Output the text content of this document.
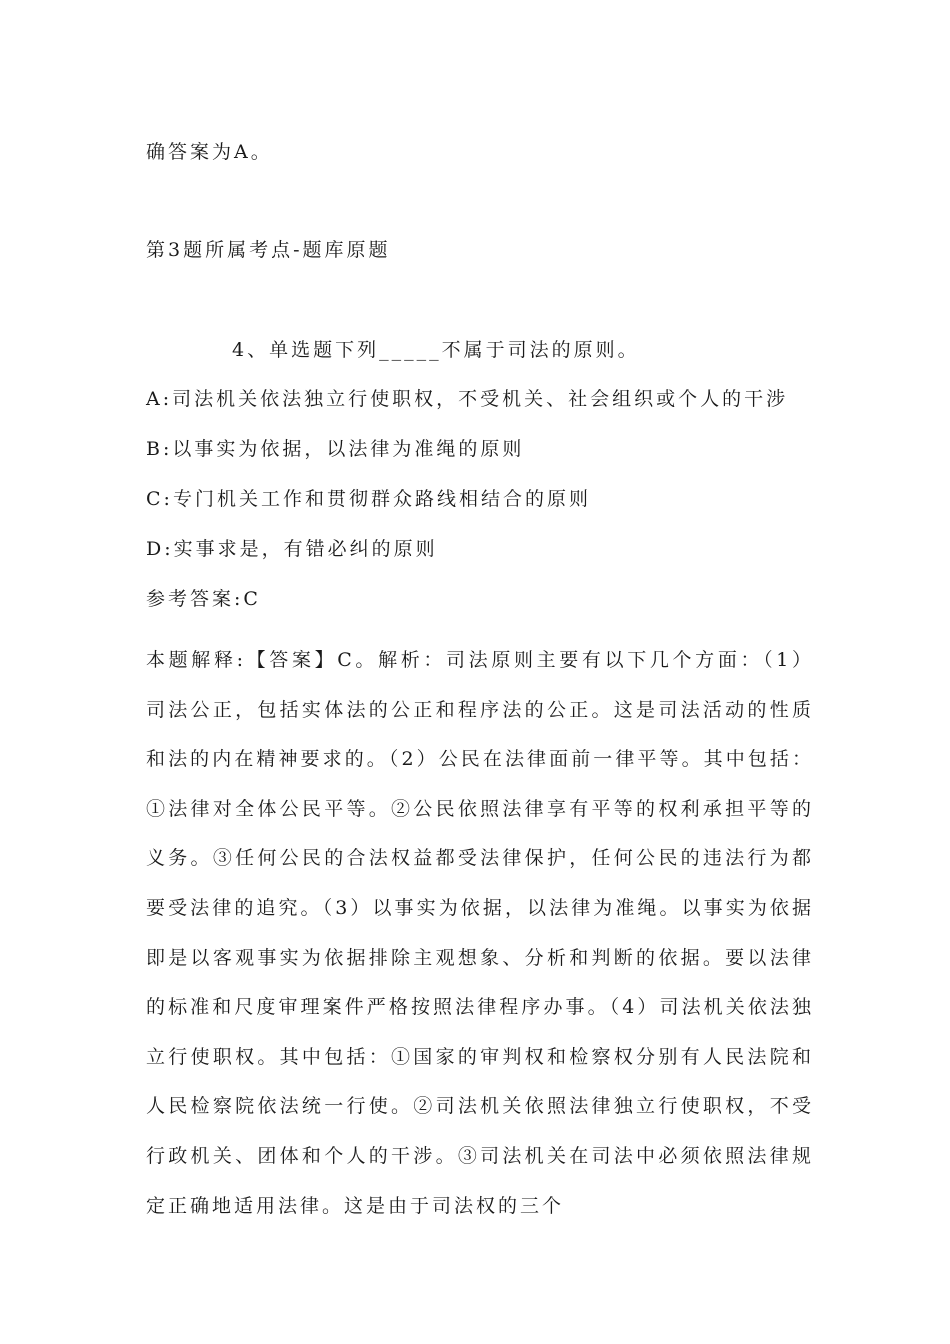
确答案为A。
第3题所属考点-题库原题
4、单选题下列_____不属于司法的原则。
A:司法机关依法独立行使职权，不受机关、社会组织或个人的干涉
B:以事实为依据，以法律为准绳的原则
C:专门机关工作和贯彻群众路线相结合的原则
D:实事求是，有错必纠的原则
参考答案:C

本题解释:【答案】C。解析：司法原则主要有以下几个方面：（1）司法公正，包括实体法的公正和程序法的公正。这是司法活动的性质和法的内在精神要求的。（2）公民在法律面前一律平等。其中包括：①法律对全体公民平等。②公民依照法律享有平等的权利承担平等的义务。③任何公民的合法权益都受法律保护，任何公民的违法行为都要受法律的追究。（3）以事实为依据，以法律为准绳。以事实为依据即是以客观事实为依据排除主观想象、分析和判断的依据。要以法律的标准和尺度审理案件严格按照法律程序办事。（4）司法机关依法独立行使职权。其中包括：①国家的审判权和检察权分别有人民法院和人民检察院依法统一行使。②司法机关依照法律独立行使职权，不受行政机关、团体和个人的干涉。③司法机关在司法中必须依照法律规定正确地适用法律。这是由于司法权的三个
